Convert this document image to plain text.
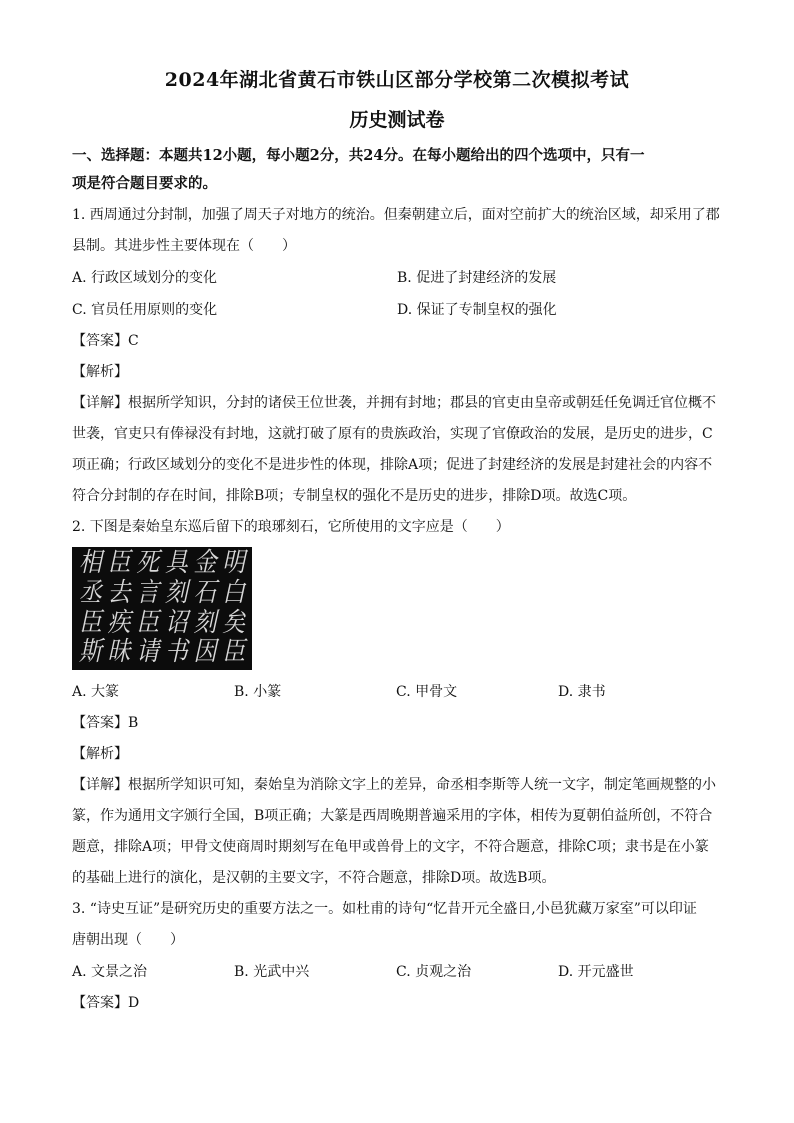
2024年湖北省黄石市铁山区部分学校第二次模拟考试

历史测试卷

一、选择题：本题共12小题，每小题2分，共24分。在每小题给出的四个选项中，只有一

项是符合题目要求的。

1. 西周通过分封制，加强了周天子对地方的统治。但秦朝建立后，面对空前扩大的统治区域，却采用了郡

县制。其进步性主要体现在（　　）

A. 行政区域划分的变化	B. 促进了封建经济的发展
C. 官员任用原则的变化	D. 保证了专制皇权的强化

【答案】C

【解析】

【详解】根据所学知识，分封的诸侯王位世袭，并拥有封地；郡县的官吏由皇帝或朝廷任免调迁官位概不

世袭，官吏只有俸禄没有封地，这就打破了原有的贵族政治，实现了官僚政治的发展，是历史的进步，C

项正确；行政区域划分的变化不是进步性的体现，排除A项；促进了封建经济的发展是封建社会的内容不

符合分封制的存在时间，排除B项；专制皇权的强化不是历史的进步，排除D项。故选C项。

2. 下图是秦始皇东巡后留下的琅琊刻石，它所使用的文字应是（　　）

相 臣 死 具 金 明
丞 去 言 刻 石 白
臣 疾 臣 诏 刻 矣
斯 昧 请 书 因 臣
A. 大篆	B. 小篆	C. 甲骨文	D. 隶书

【答案】B

【解析】

【详解】根据所学知识可知，秦始皇为消除文字上的差异，命丞相李斯等人统一文字，制定笔画规整的小

篆，作为通用文字颁行全国，B项正确；大篆是西周晚期普遍采用的字体，相传为夏朝伯益所创，不符合

题意，排除A项；甲骨文使商周时期刻写在龟甲或兽骨上的文字，不符合题意，排除C项；隶书是在小篆

的基础上进行的演化，是汉朝的主要文字，不符合题意，排除D项。故选B项。

3. “诗史互证”是研究历史的重要方法之一。如杜甫的诗句“忆昔开元全盛日,小邑犹藏万家室”可以印证

唐朝出现（　　）

A. 文景之治	B. 光武中兴	C. 贞观之治	D. 开元盛世

【答案】D
